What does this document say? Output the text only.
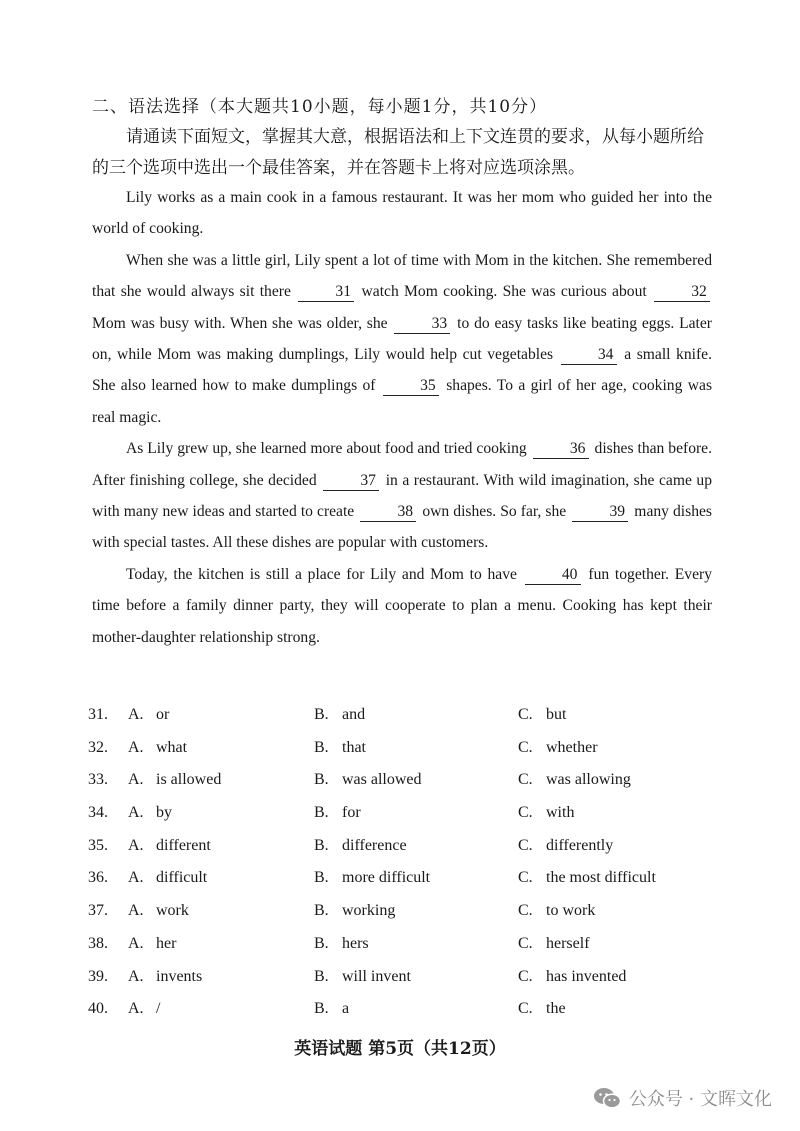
二、语法选择（本大题共10小题，每小题1分，共10分）
请通读下面短文，掌握其大意，根据语法和上下文连贯的要求，从每小题所给的三个选项中选出一个最佳答案，并在答题卡上将对应选项涂黑。

Lily works as a main cook in a famous restaurant. It was her mom who guided her into the world of cooking.

When she was a little girl, Lily spent a lot of time with Mom in the kitchen. She remembered that she would always sit there	31 watch Mom cooking. She was curious about	32 Mom was busy with. When she was older, she	33 to do easy tasks like beating eggs. Later on, while Mom was making dumplings, Lily would help cut vegetables	34 a small knife. She also learned how to make dumplings of	35 shapes. To a girl of her age, cooking was real magic.

As Lily grew up, she learned more about food and tried cooking	36 dishes than before. After finishing college, she decided	37 in a restaurant. With wild imagination, she came up with many new ideas and started to create	38 own dishes. So far, she	39 many dishes with special tastes. All these dishes are popular with customers.

Today, the kitchen is still a place for Lily and Mom to have	40 fun together. Every time before a family dinner party, they will cooperate to plan a menu. Cooking has kept their mother-daughter relationship strong.

31. A. or	B. and	C. but
32. A. what	B. that	C. whether
33. A. is allowed	B. was allowed	C. was allowing
34. A. by	B. for	C. with
35. A. different	B. difference	C. differently
36. A. difficult	B. more difficult	C. the most difficult
37. A. work	B. working	C. to work
38. A. her	B. hers	C. herself
39. A. invents	B. will invent	C. has invented
40. A. /	B. a	C. the
英语试题 第5页（共12页）
公众号 · 文晖文化
